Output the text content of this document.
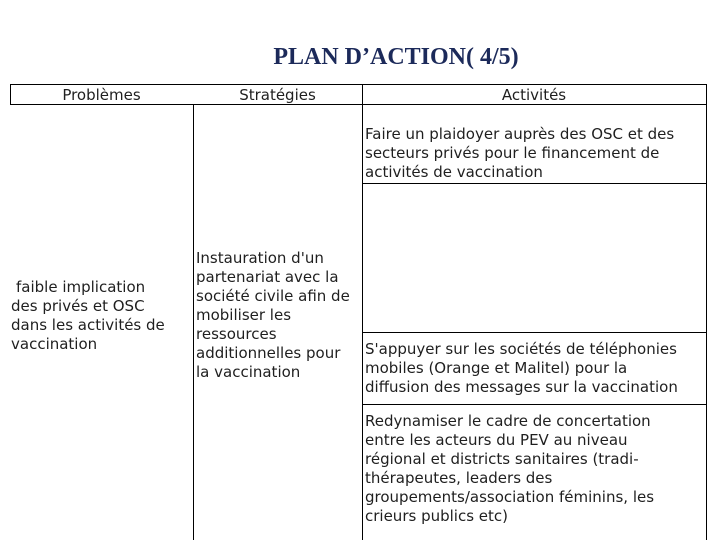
PLAN D’ACTION( 4/5)
Problèmes	Stratégies	Activités
faible implication
des privés et OSC
dans les activités de
vaccination
Instauration d'un
partenariat avec la
société civile afin de
mobiliser les
ressources
additionnelles pour
la vaccination
Faire un plaidoyer auprès des OSC et des
secteurs privés pour le financement de
activités de vaccination
S'appuyer sur les sociétés de téléphonies
mobiles (Orange et Malitel) pour la
diffusion des messages sur la vaccination
Redynamiser le cadre de concertation
entre les acteurs du PEV au niveau
régional et districts sanitaires (tradi-
thérapeutes, leaders des
groupements/association féminins, les
crieurs publics etc)
